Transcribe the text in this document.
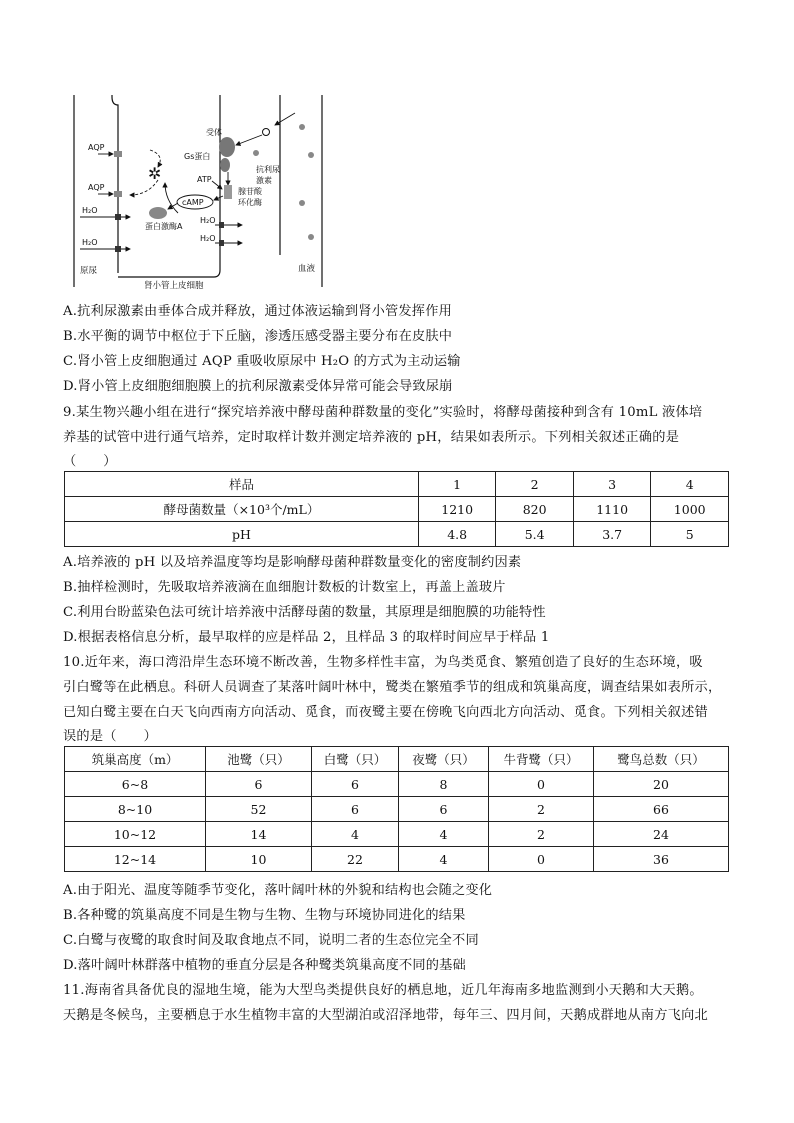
AQP
AQP
H₂O
H₂O
✲
受体
Gs蛋白
ATP
抗利尿
激素
腺苷酸
环化酶
cAMP
蛋白激酶A
H₂O
H₂O
原尿	血液
肾小管上皮细胞
A.抗利尿激素由垂体合成并释放，通过体液运输到肾小管发挥作用
B.水平衡的调节中枢位于下丘脑，渗透压感受器主要分布在皮肤中
C.肾小管上皮细胞通过 AQP 重吸收原尿中 H₂O 的方式为主动运输
D.肾小管上皮细胞细胞膜上的抗利尿激素受体异常可能会导致尿崩
9.某生物兴趣小组在进行“探究培养液中酵母菌种群数量的变化”实验时，将酵母菌接种到含有 10mL 液体培
养基的试管中进行通气培养，定时取样计数并测定培养液的 pH，结果如表所示。下列相关叙述正确的是
（　　）
样品	1	2	3	4
酵母菌数量（×10³个/mL）	1210	820	1110	1000
pH	4.8	5.4	3.7	5
A.培养液的 pH 以及培养温度等均是影响酵母菌种群数量变化的密度制约因素
B.抽样检测时，先吸取培养液滴在血细胞计数板的计数室上，再盖上盖玻片
C.利用台盼蓝染色法可统计培养液中活酵母菌的数量，其原理是细胞膜的功能特性
D.根据表格信息分析，最早取样的应是样品 2，且样品 3 的取样时间应早于样品 1
10.近年来，海口湾沿岸生态环境不断改善，生物多样性丰富，为鸟类觅食、繁殖创造了良好的生态环境，吸
引白鹭等在此栖息。科研人员调查了某落叶阔叶林中，鹭类在繁殖季节的组成和筑巢高度，调查结果如表所示，
已知白鹭主要在白天飞向西南方向活动、觅食，而夜鹭主要在傍晚飞向西北方向活动、觅食。下列相关叙述错
误的是（　　）
筑巢高度（m）	池鹭（只）	白鹭（只）	夜鹭（只）	牛背鹭（只）	鹭鸟总数（只）
6~8	6	6	8	0	20
8~10	52	6	6	2	66
10~12	14	4	4	2	24
12~14	10	22	4	0	36
A.由于阳光、温度等随季节变化，落叶阔叶林的外貌和结构也会随之变化
B.各种鹭的筑巢高度不同是生物与生物、生物与环境协同进化的结果
C.白鹭与夜鹭的取食时间及取食地点不同，说明二者的生态位完全不同
D.落叶阔叶林群落中植物的垂直分层是各种鹭类筑巢高度不同的基础
11.海南省具备优良的湿地生境，能为大型鸟类提供良好的栖息地，近几年海南多地监测到小天鹅和大天鹅。
天鹅是冬候鸟，主要栖息于水生植物丰富的大型湖泊或沼泽地带，每年三、四月间，天鹅成群地从南方飞向北
